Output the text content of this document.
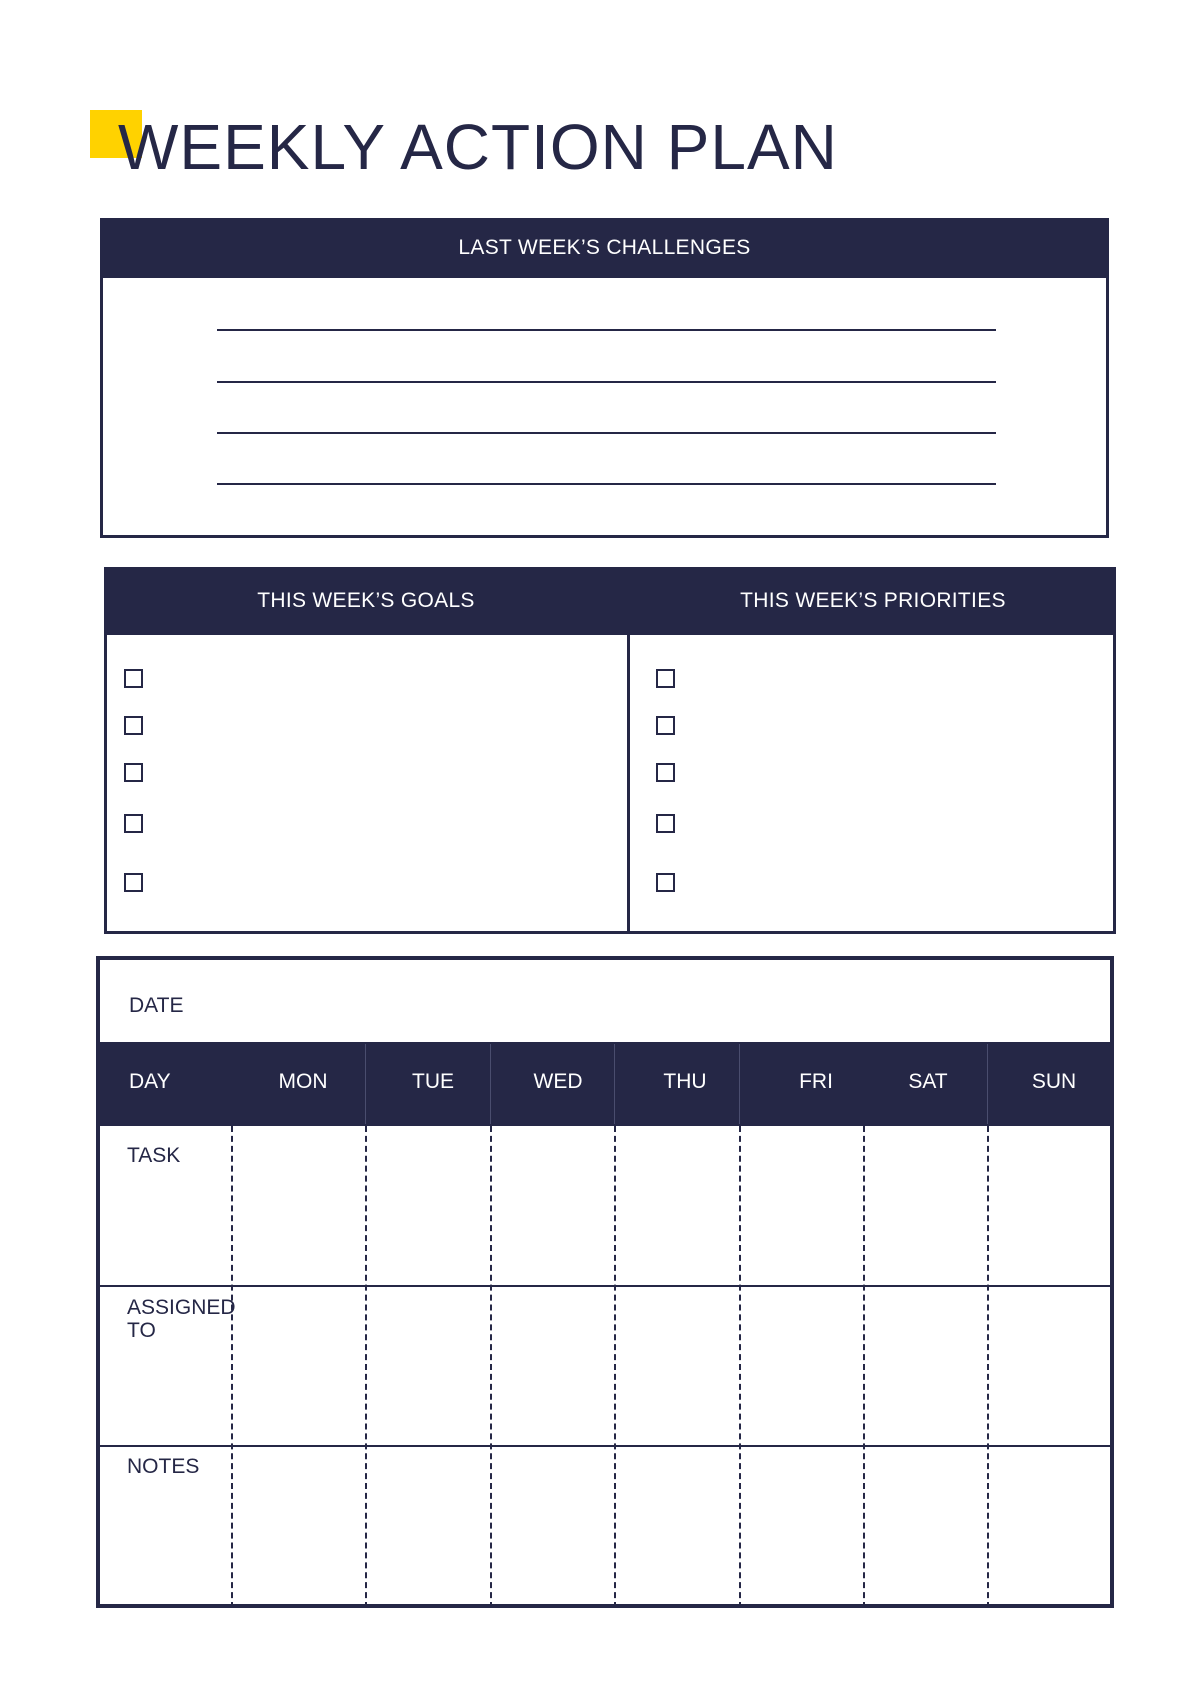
WEEKLY ACTION PLAN
LAST WEEK’S CHALLENGES
THIS WEEK’S GOALS	THIS WEEK’S PRIORITIES
DATE
DAY	MON	TUE	WED	THU	FRI	SAT	SUN
TASK
ASSIGNED
TO
NOTES
